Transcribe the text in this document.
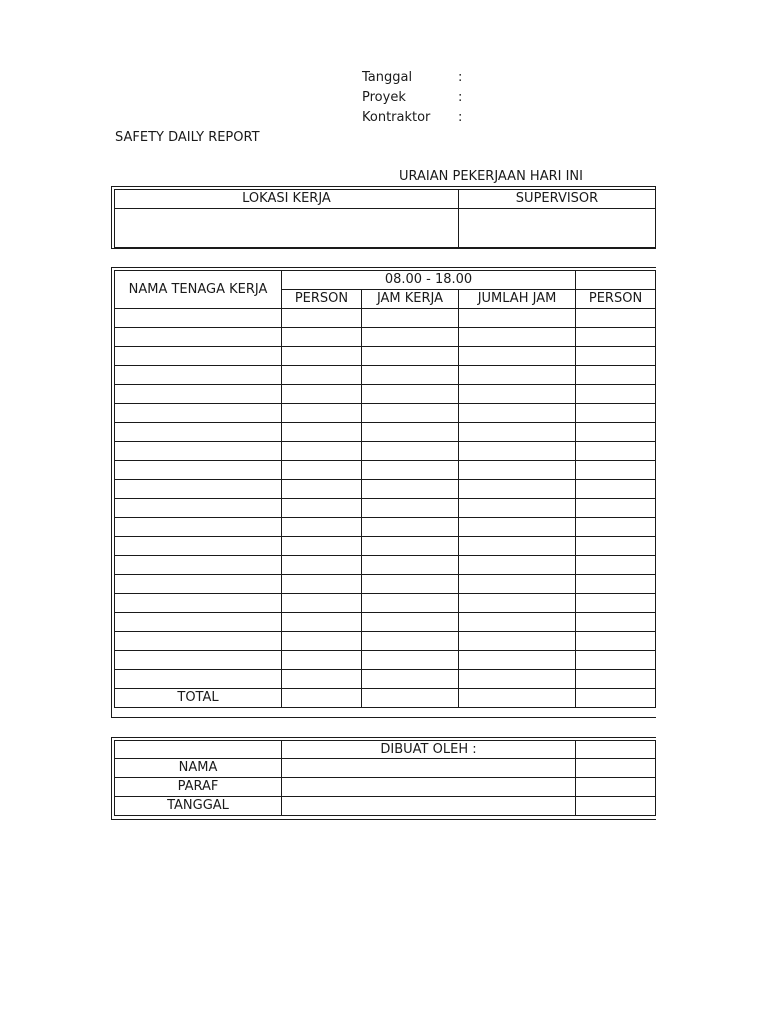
Tanggal	:
Proyek	:
Kontraktor :
SAFETY DAILY REPORT
URAIAN PEKERJAAN HARI INI
LOKASI KERJA	SUPERVISOR

NAMA TENAGA KERJA	08.00 - 18.00			
	PERSON	JAM KERJA	JUMLAH JAM	PERSON

TOTAL				
	DIBUAT OLEH :	
NAMA		
PARAF		
TANGGAL		
